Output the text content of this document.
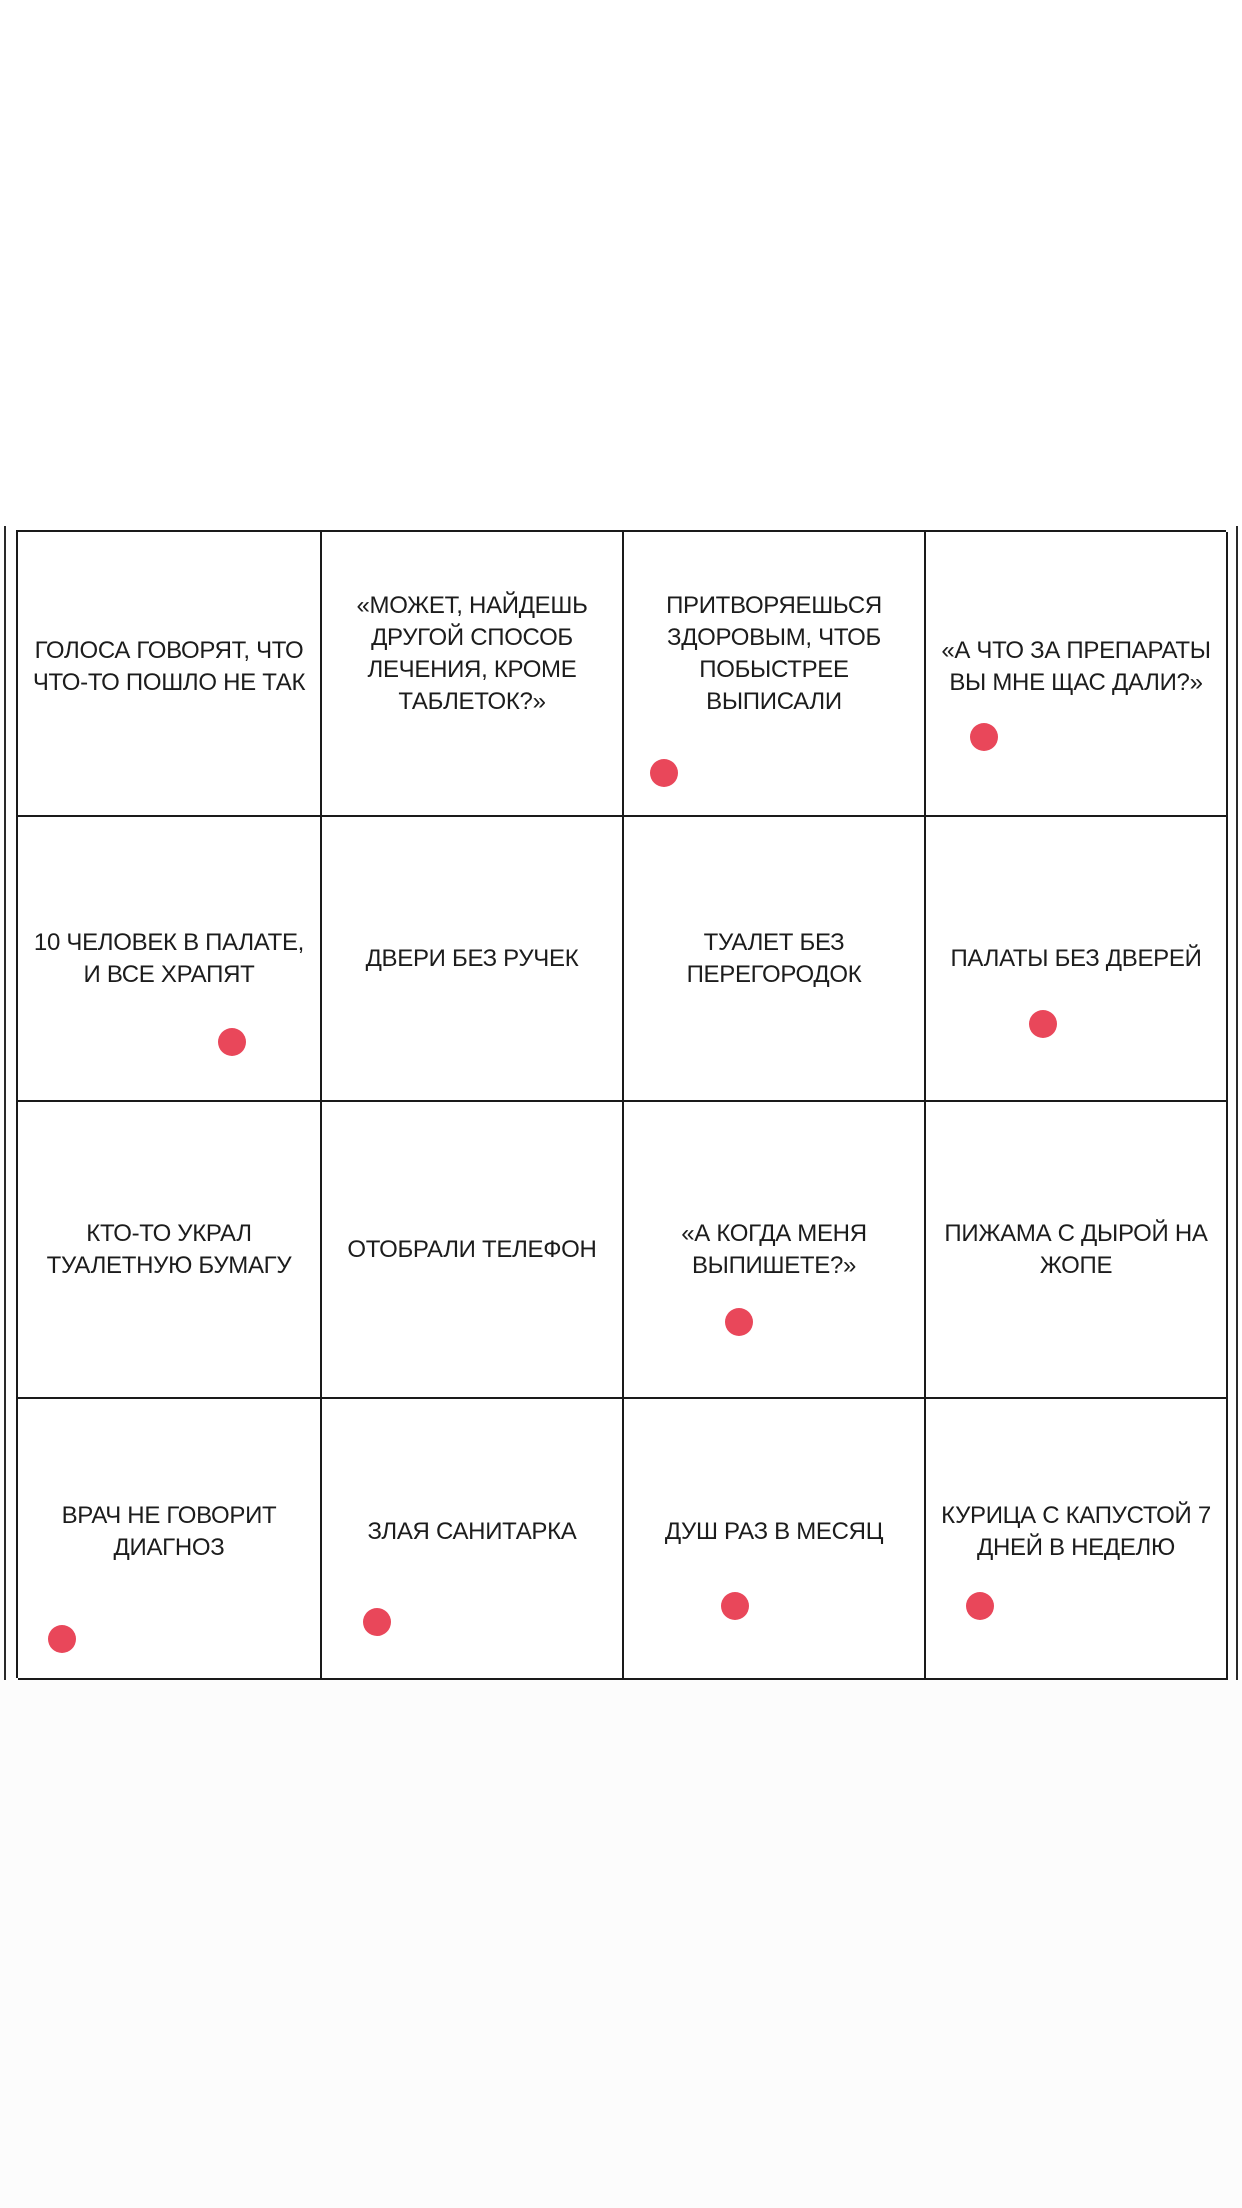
ГОЛОСА ГОВОРЯТ, ЧТО ЧТО-ТО ПОШЛО НЕ ТАК
«МОЖЕТ, НАЙДЕШЬ ДРУГОЙ СПОСОБ ЛЕЧЕНИЯ, КРОМЕ ТАБЛЕТОК?»
ПРИТВОРЯЕШЬСЯ ЗДОРОВЫМ, ЧТОБ ПОБЫСТРЕЕ ВЫПИСАЛИ
«А ЧТО ЗА ПРЕПАРАТЫ ВЫ МНЕ ЩАС ДАЛИ?»
10 ЧЕЛОВЕК В ПАЛАТЕ, И ВСЕ ХРАПЯТ
ДВЕРИ БЕЗ РУЧЕК
ТУАЛЕТ БЕЗ ПЕРЕГОРОДОК
ПАЛАТЫ БЕЗ ДВЕРЕЙ
КТО-ТО УКРАЛ ТУАЛЕТНУЮ БУМАГУ
ОТОБРАЛИ ТЕЛЕФОН
«А КОГДА МЕНЯ ВЫПИШЕТЕ?»
ПИЖАМА С ДЫРОЙ НА ЖОПЕ
ВРАЧ НЕ ГОВОРИТ ДИАГНОЗ
ЗЛАЯ САНИТАРКА	ДУШ РАЗ В МЕСЯЦ
КУРИЦА С КАПУСТОЙ 7 ДНЕЙ В НЕДЕЛЮ
